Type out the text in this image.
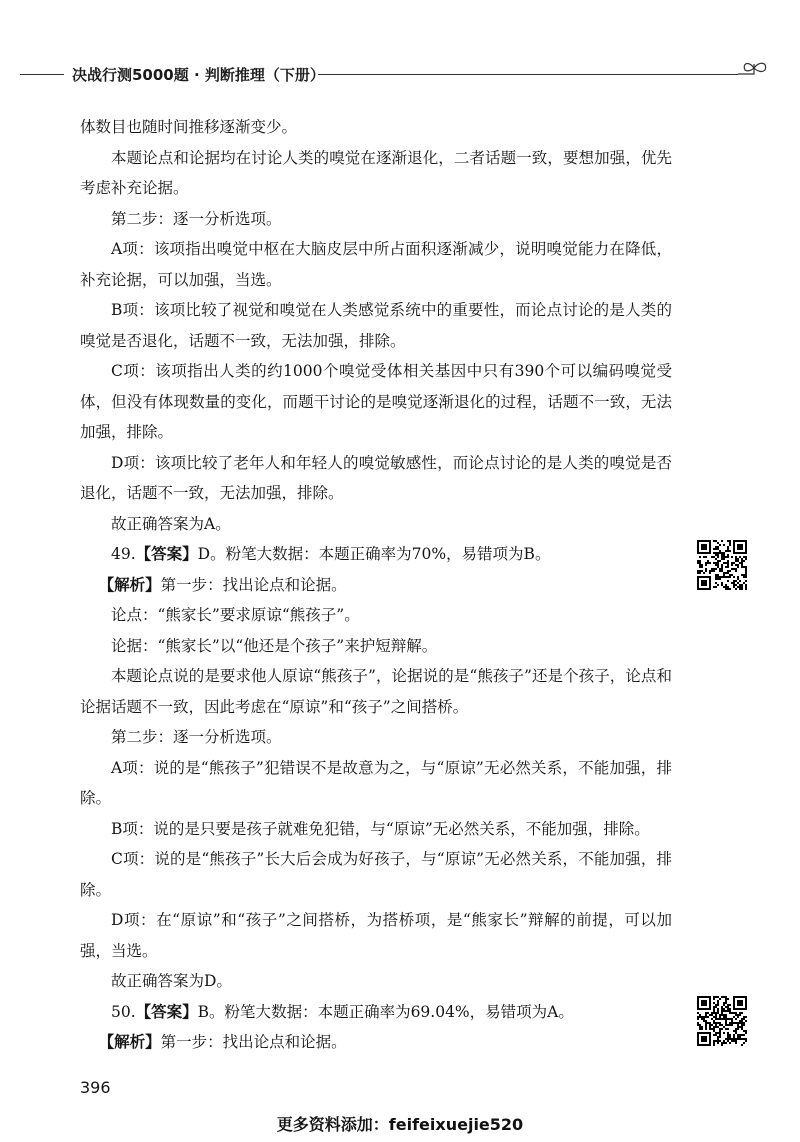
决战行测5000题 · 判断推理（下册）

体数目也随时间推移逐渐变少。

本题论点和论据均在讨论人类的嗅觉在逐渐退化，二者话题一致，要想加强，优先考虑补充论据。

第二步：逐一分析选项。

A项：该项指出嗅觉中枢在大脑皮层中所占面积逐渐减少，说明嗅觉能力在降低，补充论据，可以加强，当选。

B项：该项比较了视觉和嗅觉在人类感觉系统中的重要性，而论点讨论的是人类的嗅觉是否退化，话题不一致，无法加强，排除。

C项：该项指出人类的约1000个嗅觉受体相关基因中只有390个可以编码嗅觉受体，但没有体现数量的变化，而题干讨论的是嗅觉逐渐退化的过程，话题不一致，无法加强，排除。

D项：该项比较了老年人和年轻人的嗅觉敏感性，而论点讨论的是人类的嗅觉是否退化，话题不一致，无法加强，排除。

故正确答案为A。

49.【答案】D。粉笔大数据：本题正确率为70%，易错项为B。

【解析】第一步：找出论点和论据。

论点：“熊家长”要求原谅“熊孩子”。

论据：“熊家长”以“他还是个孩子”来护短辩解。

本题论点说的是要求他人原谅“熊孩子”，论据说的是“熊孩子”还是个孩子，论点和论据话题不一致，因此考虑在“原谅”和“孩子”之间搭桥。

第二步：逐一分析选项。

A项：说的是“熊孩子”犯错误不是故意为之，与“原谅”无必然关系，不能加强，排除。

B项：说的是只要是孩子就难免犯错，与“原谅”无必然关系，不能加强，排除。

C项：说的是“熊孩子”长大后会成为好孩子，与“原谅”无必然关系，不能加强，排除。

D项：在“原谅”和“孩子”之间搭桥，为搭桥项，是“熊家长”辩解的前提，可以加强，当选。

故正确答案为D。

50.【答案】B。粉笔大数据：本题正确率为69.04%，易错项为A。

【解析】第一步：找出论点和论据。

396
更多资料添加：feifeixuejie520
